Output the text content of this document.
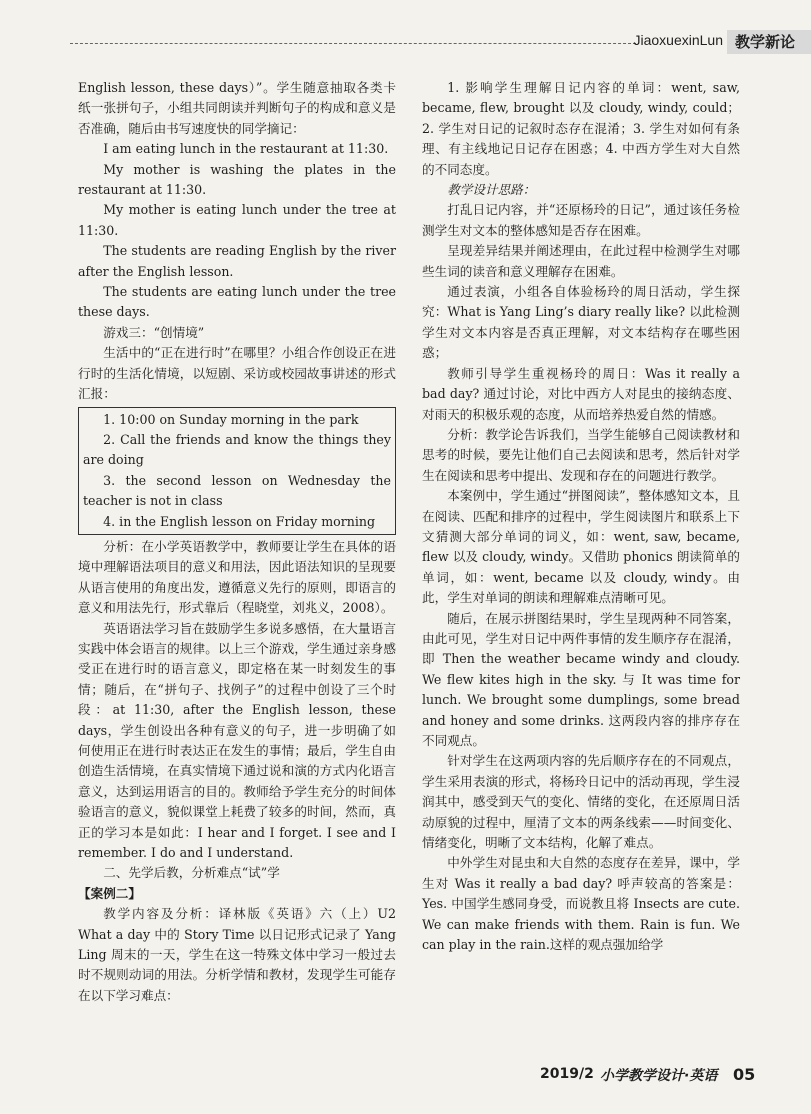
JiaoxuexinLun 教学新论

English lesson, these days）”。学生随意抽取各类卡纸一张拼句子，小组共同朗读并判断句子的构成和意义是否准确，随后由书写速度快的同学摘记：

I am eating lunch in the restaurant at 11:30.

My mother is washing the plates in the restaurant at 11:30.

My mother is eating lunch under the tree at 11:30.

The students are reading English by the river after the English lesson.

The students are eating lunch under the tree these days.

游戏三：“创情境”

生活中的“正在进行时”在哪里？小组合作创设正在进行时的生活化情境，以短剧、采访或校园故事讲述的形式汇报：

1. 10:00 on Sunday morning in the park

2. Call the friends and know the things they are doing

3. the second lesson on Wednesday the teacher is not in class

4. in the English lesson on Friday morning

分析：在小学英语教学中，教师要让学生在具体的语境中理解语法项目的意义和用法，因此语法知识的呈现要从语言使用的角度出发，遵循意义先行的原则，即语言的意义和用法先行，形式靠后（程晓堂，刘兆义，2008）。

英语语法学习旨在鼓励学生多说多感悟，在大量语言实践中体会语言的规律。以上三个游戏，学生通过亲身感受正在进行时的语言意义，即定格在某一时刻发生的事情；随后，在“拼句子、找例子”的过程中创设了三个时段：at 11:30, after the English lesson, these days，学生创设出各种有意义的句子，进一步明确了如何使用正在进行时表达正在发生的事情；最后，学生自由创造生活情境，在真实情境下通过说和演的方式内化语言意义，达到运用语言的目的。教师给予学生充分的时间体验语言的意义，貌似课堂上耗费了较多的时间，然而，真正的学习本是如此：I hear and I forget. I see and I remember. I do and I understand.

二、先学后教，分析难点“试”学

【案例二】

教学内容及分析：译林版《英语》六（上）U2 What a day 中的 Story Time 以日记形式记录了 Yang Ling 周末的一天，学生在这一特殊文体中学习一般过去时不规则动词的用法。分析学情和教材，发现学生可能存在以下学习难点：

1. 影响学生理解日记内容的单词：went, saw, became, flew, brought 以及 cloudy, windy, could；2. 学生对日记的记叙时态存在混淆；3. 学生对如何有条理、有主线地记日记存在困惑；4. 中西方学生对大自然的不同态度。

教学设计思路：

打乱日记内容，并“还原杨玲的日记”，通过该任务检测学生对文本的整体感知是否存在困难。

呈现差异结果并阐述理由，在此过程中检测学生对哪些生词的读音和意义理解存在困难。

通过表演，小组各自体验杨玲的周日活动，学生探究：What is Yang Ling’s diary really like? 以此检测学生对文本内容是否真正理解，对文本结构存在哪些困惑；

教师引导学生重视杨玲的周日：Was it really a bad day? 通过讨论，对比中西方人对昆虫的接纳态度、对雨天的积极乐观的态度，从而培养热爱自然的情感。

分析：教学论告诉我们，当学生能够自己阅读教材和思考的时候，要先让他们自己去阅读和思考，然后针对学生在阅读和思考中提出、发现和存在的问题进行教学。

本案例中，学生通过“拼图阅读”，整体感知文本，且在阅读、匹配和排序的过程中，学生阅读图片和联系上下文猜测大部分单词的词义，如：went, saw, became, flew 以及 cloudy, windy。又借助 phonics 朗读简单的单词，如：went, became 以及 cloudy, windy。由此，学生对单词的朗读和理解难点清晰可见。

随后，在展示拼图结果时，学生呈现两种不同答案，由此可见，学生对日记中两件事情的发生顺序存在混淆，即 Then the weather became windy and cloudy. We flew kites high in the sky. 与 It was time for lunch. We brought some dumplings, some bread and honey and some drinks. 这两段内容的排序存在不同观点。

针对学生在这两项内容的先后顺序存在的不同观点，学生采用表演的形式，将杨玲日记中的活动再现，学生浸润其中，感受到天气的变化、情绪的变化，在还原周日活动原貌的过程中，厘清了文本的两条线索——时间变化、情绪变化，明晰了文本结构，化解了难点。

中外学生对昆虫和大自然的态度存在差异，课中，学生对 Was it really a bad day? 呼声较高的答案是：Yes. 中国学生感同身受，而说教且将 Insects are cute. We can make friends with them. Rain is fun. We can play in the rain.这样的观点强加给学

2019/2 小学教学设计·英语 05
